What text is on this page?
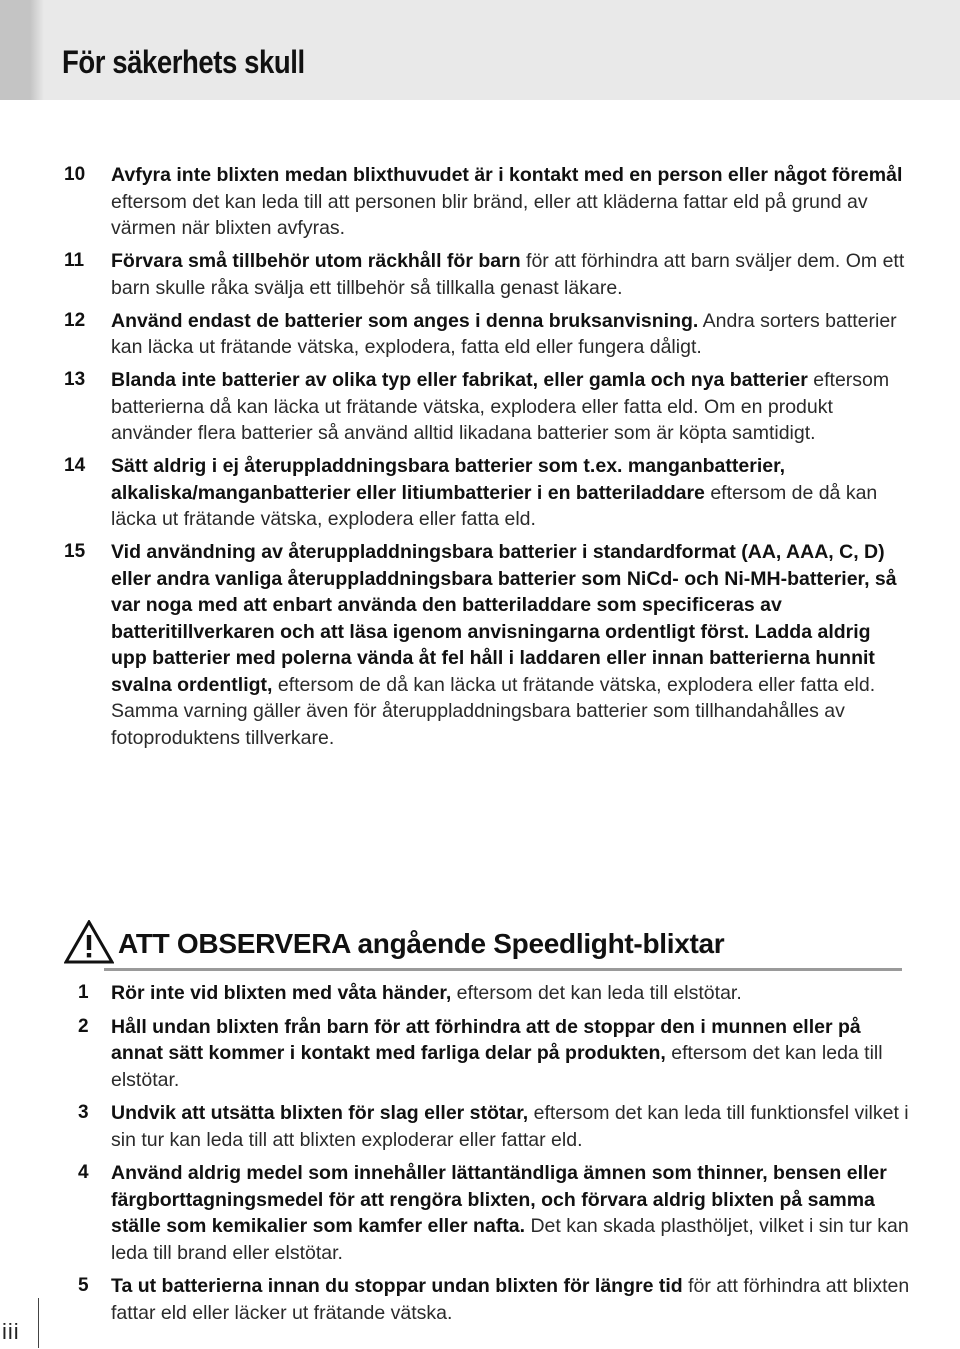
För säkerhets skull
10 Avfyra inte blixten medan blixthuvudet är i kontakt med en person eller något föremål eftersom det kan leda till att personen blir bränd, eller att kläderna fattar eld på grund av värmen när blixten avfyras.
11 Förvara små tillbehör utom räckhåll för barn för att förhindra att barn sväljer dem. Om ett barn skulle råka svälja ett tillbehör så tillkalla genast läkare.
12 Använd endast de batterier som anges i denna bruksanvisning. Andra sorters batterier kan läcka ut frätande vätska, explodera, fatta eld eller fungera dåligt.
13 Blanda inte batterier av olika typ eller fabrikat, eller gamla och nya batterier eftersom batterierna då kan läcka ut frätande vätska, explodera eller fatta eld. Om en produkt använder flera batterier så använd alltid likadana batterier som är köpta samtidigt.
14 Sätt aldrig i ej återuppladdningsbara batterier som t.ex. manganbatterier, alkaliska/manganbatterier eller litiumbatterier i en batteriladdare eftersom de då kan läcka ut frätande vätska, explodera eller fatta eld.
15 Vid användning av återuppladdningsbara batterier i standardformat (AA, AAA, C, D) eller andra vanliga återuppladdningsbara batterier som NiCd- och Ni-MH-batterier, så var noga med att enbart använda den batteriladdare som specificeras av batteritillverkaren och att läsa igenom anvisningarna ordentligt först. Ladda aldrig upp batterier med polerna vända åt fel håll i laddaren eller innan batterierna hunnit svalna ordentligt, eftersom de då kan läcka ut frätande vätska, explodera eller fatta eld. Samma varning gäller även för återuppladdningsbara batterier som tillhandahålles av fotoproduktens tillverkare.
ATT OBSERVERA angående Speedlight-blixtar
1 Rör inte vid blixten med våta händer, eftersom det kan leda till elstötar.
2 Håll undan blixten från barn för att förhindra att de stoppar den i munnen eller på annat sätt kommer i kontakt med farliga delar på produkten, eftersom det kan leda till elstötar.
3 Undvik att utsätta blixten för slag eller stötar, eftersom det kan leda till funktionsfel vilket i sin tur kan leda till att blixten exploderar eller fattar eld.
4 Använd aldrig medel som innehåller lättantändliga ämnen som thinner, bensen eller färgborttagningsmedel för att rengöra blixten, och förvara aldrig blixten på samma ställe som kemikalier som kamfer eller nafta. Det kan skada plasthöljet, vilket i sin tur kan leda till brand eller elstötar.
5 Ta ut batterierna innan du stoppar undan blixten för längre tid för att förhindra att blixten fattar eld eller läcker ut frätande vätska.
iii
